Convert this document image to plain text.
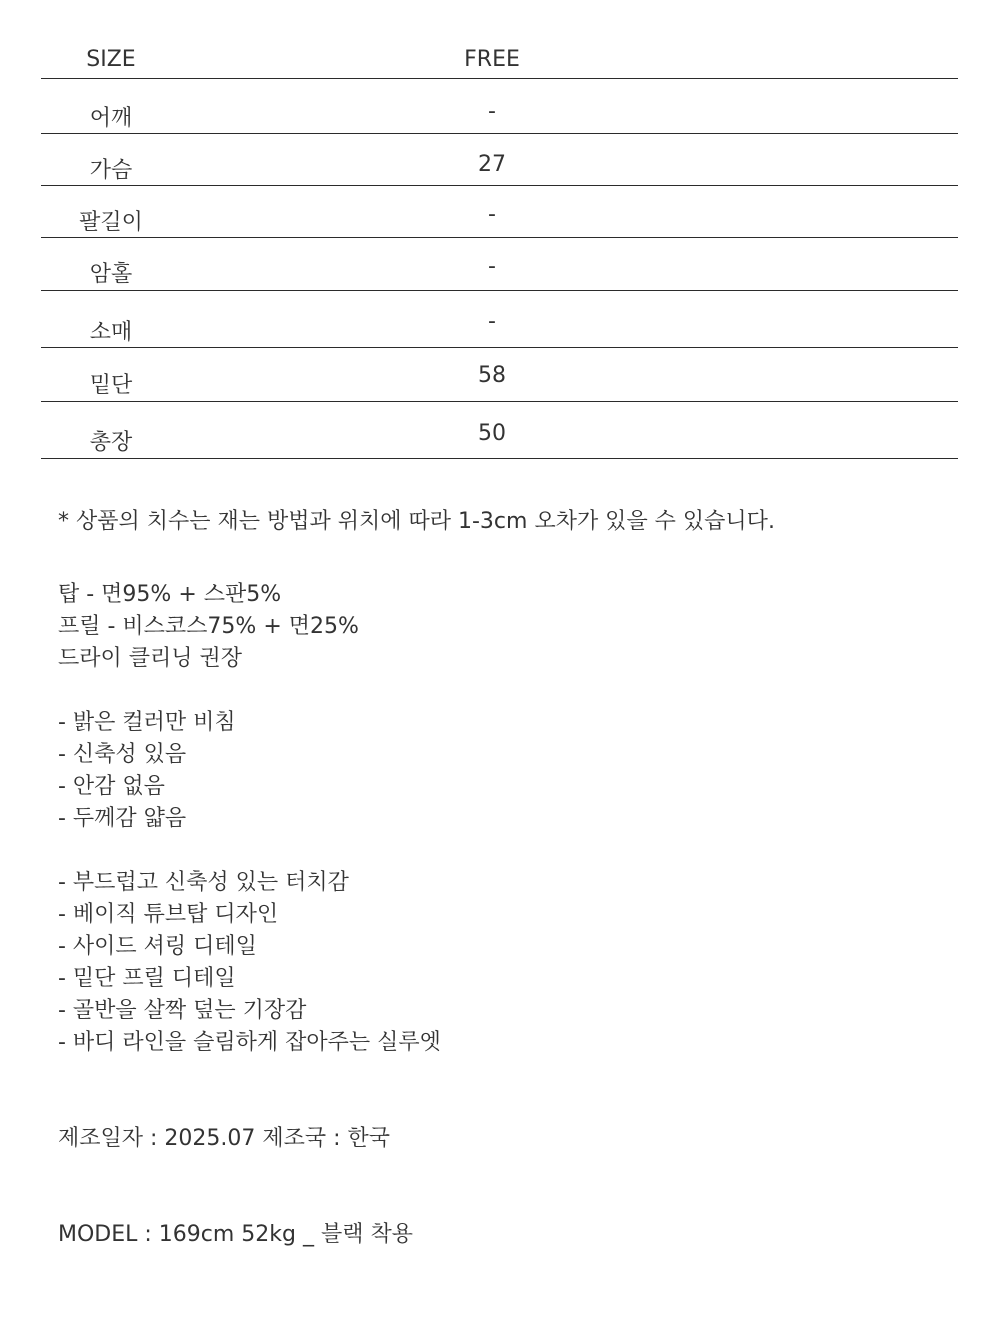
SIZE	FREE
어깨	-
가슴	27
팔길이	-
암홀	-
소매	-
밑단	58
총장	50
* 상품의 치수는 재는 방법과 위치에 따라 1-3cm 오차가 있을 수 있습니다.
탑 - 면95% + 스판5%
프릴 - 비스코스75% + 면25%
드라이 클리닝 권장
- 밝은 컬러만 비침
- 신축성 있음
- 안감 없음
- 두께감 얇음
- 부드럽고 신축성 있는 터치감
- 베이직 튜브탑 디자인
- 사이드 셔링 디테일
- 밑단 프릴 디테일
- 골반을 살짝 덮는 기장감
- 바디 라인을 슬림하게 잡아주는 실루엣
제조일자 : 2025.07 제조국 : 한국
MODEL : 169cm 52kg _ 블랙 착용
